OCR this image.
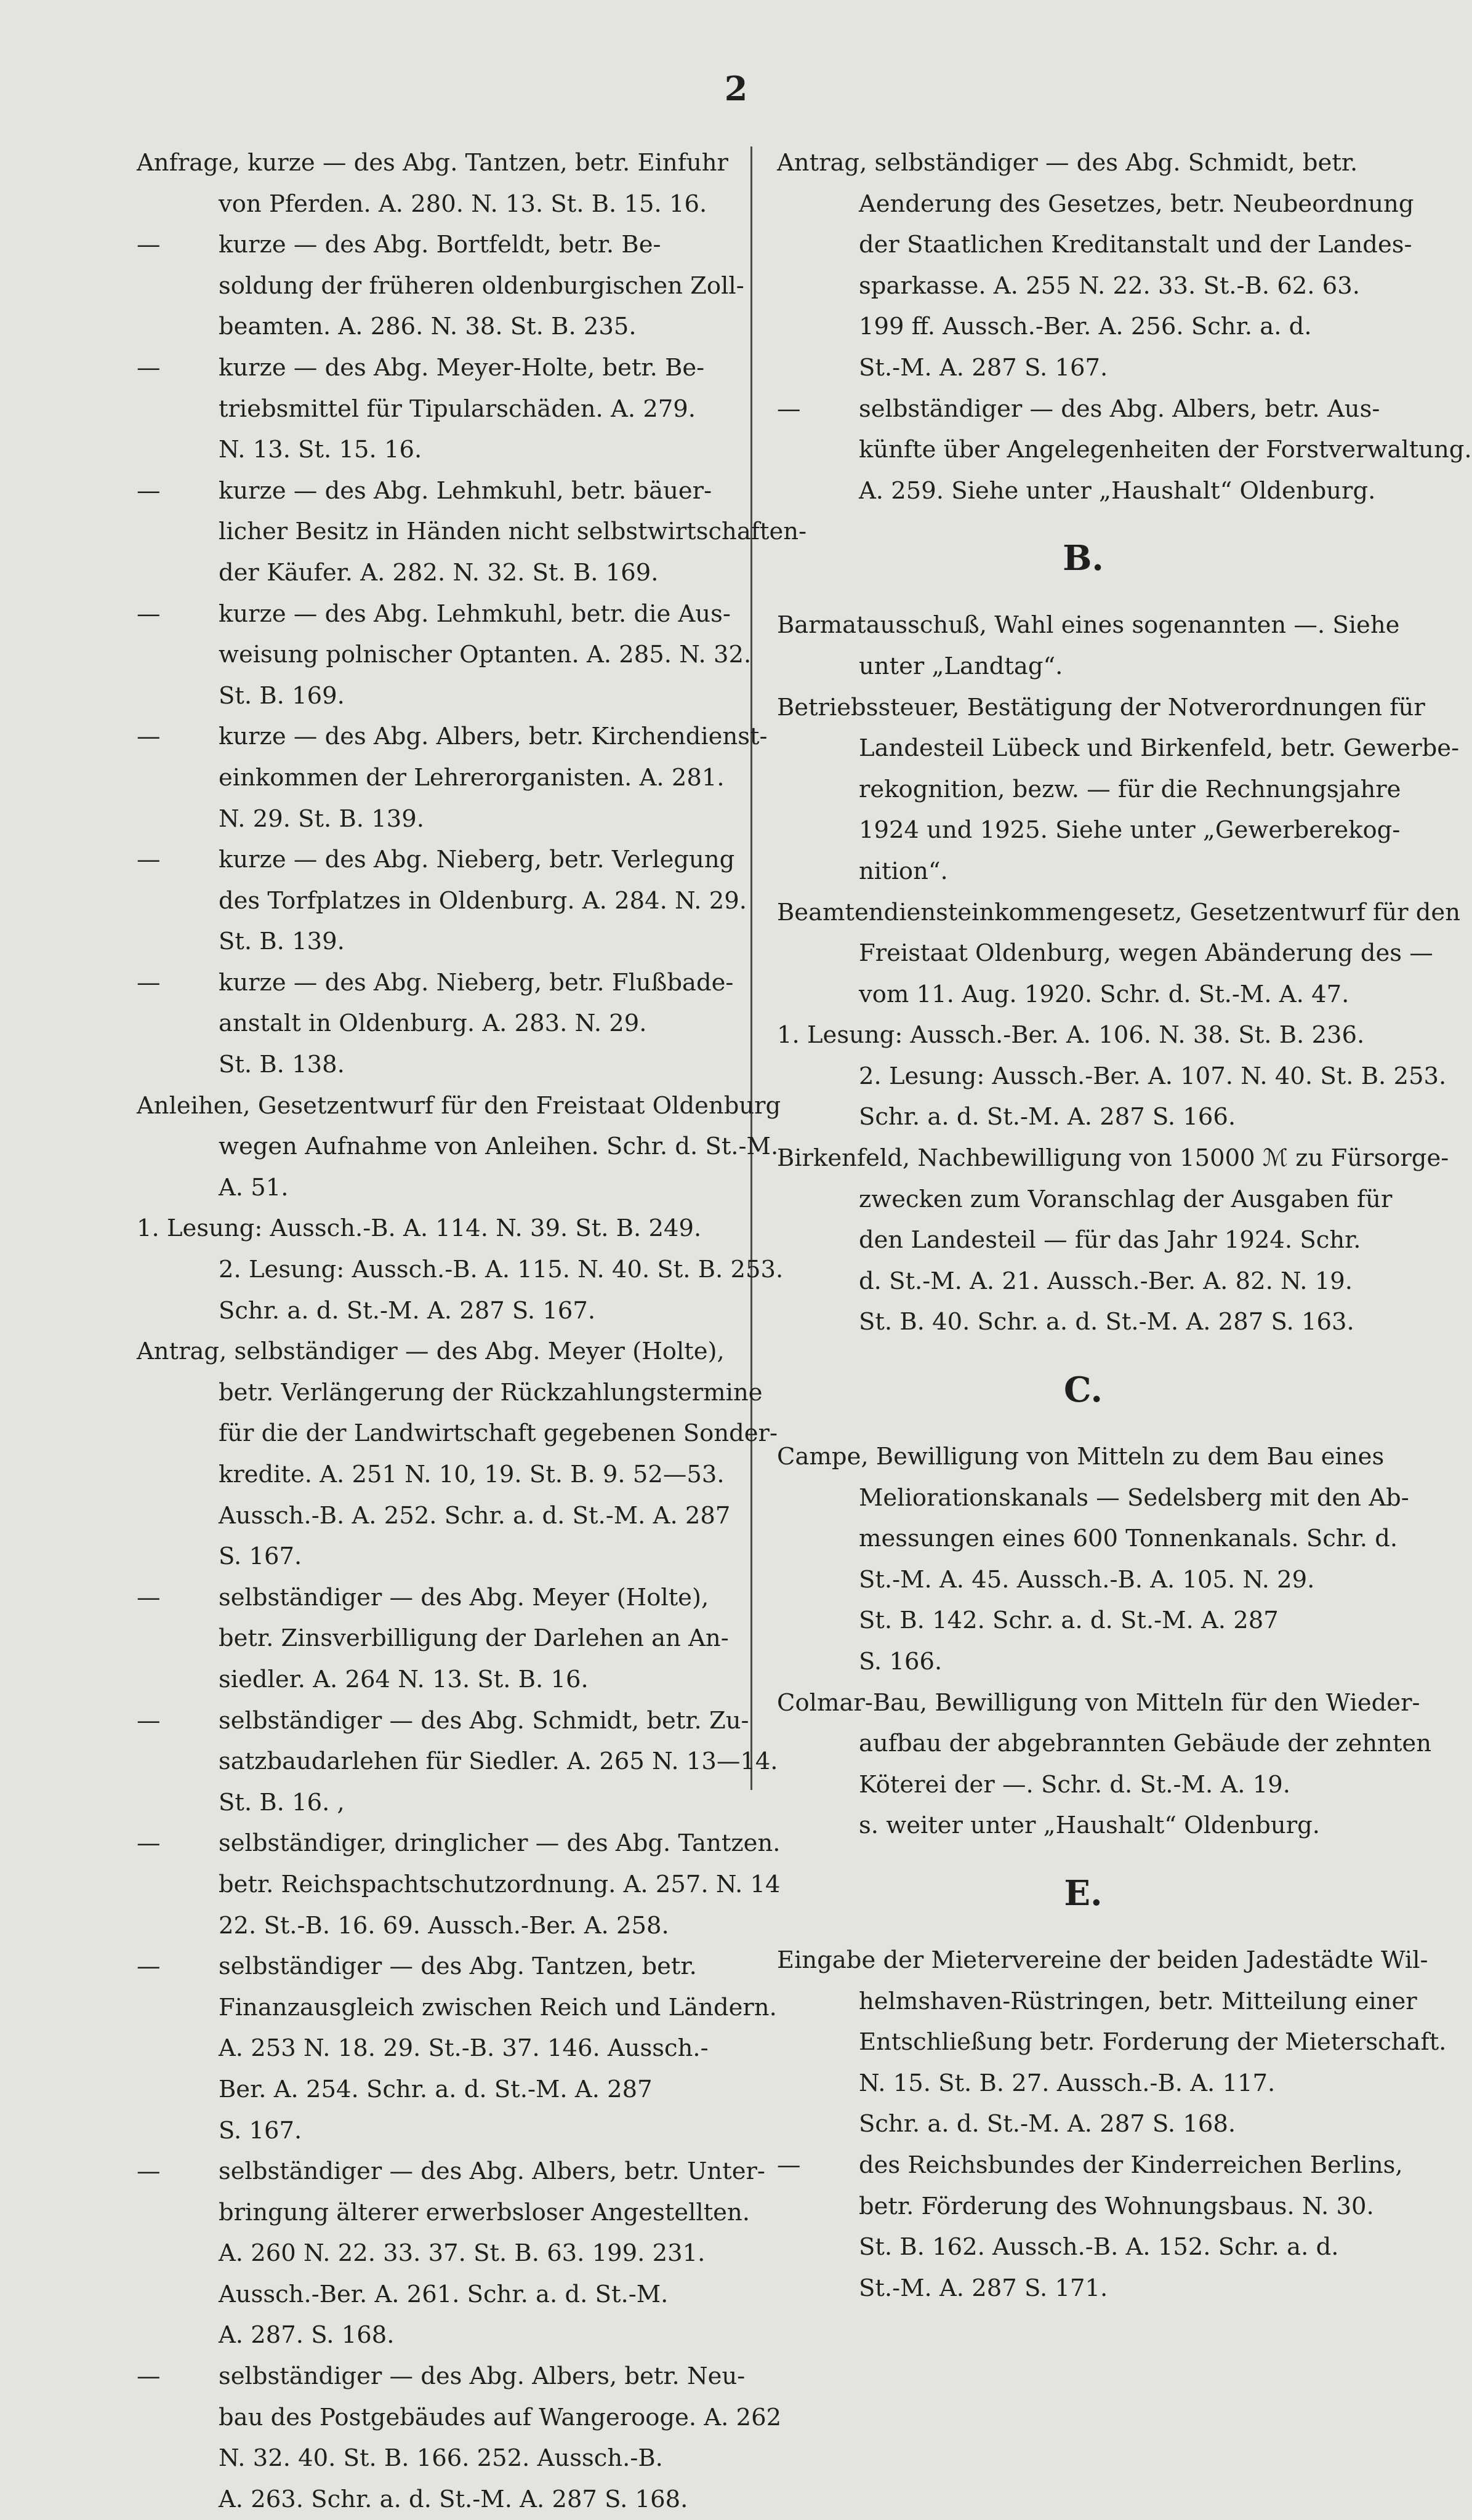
2
Anfrage, kurze — des Abg. Tantzen, betr. Einfuhr
von Pferden. A. 280. N. 13. St. B. 15. 16.
— kurze — des Abg. Bortfeldt, betr. Be-
soldung der früheren oldenburgischen Zoll-
beamten. A. 286. N. 38. St. B. 235.
— kurze — des Abg. Meyer-Holte, betr. Be-
triebsmittel für Tipularschäden. A. 279.
N. 13. St. 15. 16.
— kurze — des Abg. Lehmkuhl, betr. bäuer-
licher Besitz in Händen nicht selbstwirtschaften-
der Käufer. A. 282. N. 32. St. B. 169.
— kurze — des Abg. Lehmkuhl, betr. die Aus-
weisung polnischer Optanten. A. 285. N. 32.
St. B. 169.
— kurze — des Abg. Albers, betr. Kirchendienst-
einkommen der Lehrerorganisten. A. 281.
N. 29. St. B. 139.
— kurze — des Abg. Nieberg, betr. Verlegung
des Torfplatzes in Oldenburg. A. 284. N. 29.
St. B. 139.
— kurze — des Abg. Nieberg, betr. Flußbade-
anstalt in Oldenburg. A. 283. N. 29.
St. B. 138.
Anleihen, Gesetzentwurf für den Freistaat Oldenburg
wegen Aufnahme von Anleihen. Schr. d. St.-M.
A. 51.
1. Lesung: Aussch.-B. A. 114. N. 39. St. B. 249.
2. Lesung: Aussch.-B. A. 115. N. 40. St. B. 253.
Schr. a. d. St.-M. A. 287 S. 167.
Antrag, selbständiger — des Abg. Meyer (Holte),
betr. Verlängerung der Rückzahlungstermine
für die der Landwirtschaft gegebenen Sonder-
kredite. A. 251 N. 10, 19. St. B. 9. 52—53.
Aussch.-B. A. 252. Schr. a. d. St.-M. A. 287
S. 167.
— selbständiger — des Abg. Meyer (Holte),
betr. Zinsverbilligung der Darlehen an An-
siedler. A. 264 N. 13. St. B. 16.
— selbständiger — des Abg. Schmidt, betr. Zu-
satzbaudarlehen für Siedler. A. 265 N. 13—14.
St. B. 16. ,
— selbständiger, dringlicher — des Abg. Tantzen.
betr. Reichspachtschutzordnung. A. 257. N. 14
22. St.-B. 16. 69. Aussch.-Ber. A. 258.
— selbständiger — des Abg. Tantzen, betr.
Finanzausgleich zwischen Reich und Ländern.
A. 253 N. 18. 29. St.-B. 37. 146. Aussch.-
Ber. A. 254. Schr. a. d. St.-M. A. 287
S. 167.
— selbständiger — des Abg. Albers, betr. Unter-
bringung älterer erwerbsloser Angestellten.
A. 260 N. 22. 33. 37. St. B. 63. 199. 231.
Aussch.-Ber. A. 261. Schr. a. d. St.-M.
A. 287. S. 168.
— selbständiger — des Abg. Albers, betr. Neu-
bau des Postgebäudes auf Wangerooge. A. 262
N. 32. 40. St. B. 166. 252. Aussch.-B.
A. 263. Schr. a. d. St.-M. A. 287 S. 168.
Antrag, selbständiger — des Abg. Schmidt, betr.
Aenderung des Gesetzes, betr. Neubeordnung
der Staatlichen Kreditanstalt und der Landes-
sparkasse. A. 255 N. 22. 33. St.-B. 62. 63.
199 ff. Aussch.-Ber. A. 256. Schr. a. d.
St.-M. A. 287 S. 167.
— selbständiger — des Abg. Albers, betr. Aus-
künfte über Angelegenheiten der Forstverwaltung.
A. 259. Siehe unter „Haushalt“ Oldenburg.
B.
Barmatausschuß, Wahl eines sogenannten —. Siehe
unter „Landtag“.
Betriebssteuer, Bestätigung der Notverordnungen für
Landesteil Lübeck und Birkenfeld, betr. Gewerbe-
rekognition, bezw. — für die Rechnungsjahre
1924 und 1925. Siehe unter „Gewerberekog-
nition“.
Beamtendiensteinkommengesetz, Gesetzentwurf für den
Freistaat Oldenburg, wegen Abänderung des —
vom 11. Aug. 1920. Schr. d. St.-M. A. 47.
1. Lesung: Aussch.-Ber. A. 106. N. 38. St. B. 236.
2. Lesung: Aussch.-Ber. A. 107. N. 40. St. B. 253.
Schr. a. d. St.-M. A. 287 S. 166.
Birkenfeld, Nachbewilligung von 15000 ℳ zu Fürsorge-
zwecken zum Voranschlag der Ausgaben für
den Landesteil — für das Jahr 1924. Schr.
d. St.-M. A. 21. Aussch.-Ber. A. 82. N. 19.
St. B. 40. Schr. a. d. St.-M. A. 287 S. 163.
C.
Campe, Bewilligung von Mitteln zu dem Bau eines
Meliorationskanals — Sedelsberg mit den Ab-
messungen eines 600 Tonnenkanals. Schr. d.
St.-M. A. 45. Aussch.-B. A. 105. N. 29.
St. B. 142. Schr. a. d. St.-M. A. 287
S. 166.
Colmar-Bau, Bewilligung von Mitteln für den Wieder-
aufbau der abgebrannten Gebäude der zehnten
Köterei der —. Schr. d. St.-M. A. 19.
s. weiter unter „Haushalt“ Oldenburg.
E.
Eingabe der Mietervereine der beiden Jadestädte Wil-
helmshaven-Rüstringen, betr. Mitteilung einer
Entschließung betr. Forderung der Mieterschaft.
N. 15. St. B. 27. Aussch.-B. A. 117.
Schr. a. d. St.-M. A. 287 S. 168.
— des Reichsbundes der Kinderreichen Berlins,
betr. Förderung des Wohnungsbaus. N. 30.
St. B. 162. Aussch.-B. A. 152. Schr. a. d.
St.-M. A. 287 S. 171.
